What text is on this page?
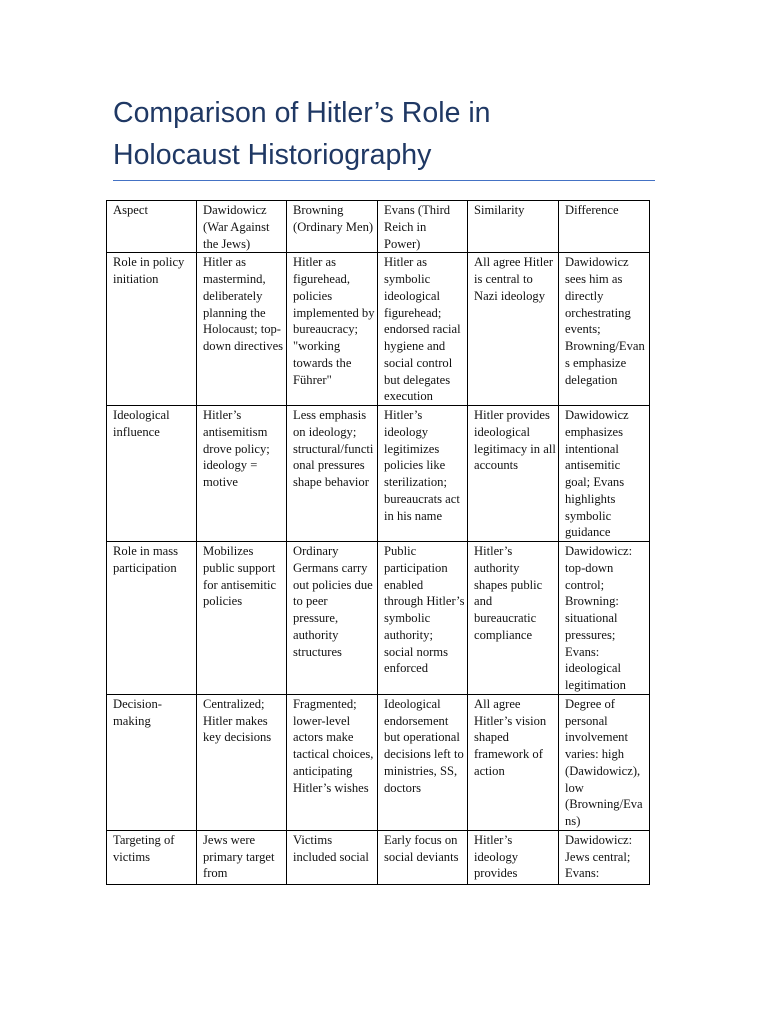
Comparison of Hitler’s Role in
Holocaust Historiography
Aspect	Dawidowicz (War Against the Jews)	Browning (Ordinary Men)	Evans (Third Reich in Power)	Similarity	Difference
Role in policy initiation	Hitler as mastermind, deliberately planning the Holocaust; top-down directives	Hitler as figurehead, policies implemented by bureaucracy; "working towards the Führer"	Hitler as symbolic ideological figurehead; endorsed racial hygiene and social control but delegates execution	All agree Hitler is central to Nazi ideology	Dawidowicz sees him as directly orchestrating events; Browning/Evans emphasize delegation
Ideological influence	Hitler’s antisemitism drove policy; ideology = motive	Less emphasis on ideology; structural/functional pressures shape behavior	Hitler’s ideology legitimizes policies like sterilization; bureaucrats act in his name	Hitler provides ideological legitimacy in all accounts	Dawidowicz emphasizes intentional antisemitic goal; Evans highlights symbolic guidance
Role in mass participation	Mobilizes public support for antisemitic policies	Ordinary Germans carry out policies due to peer pressure, authority structures	Public participation enabled through Hitler’s symbolic authority; social norms enforced	Hitler’s authority shapes public and bureaucratic compliance	Dawidowicz: top-down control; Browning: situational pressures; Evans: ideological legitimation
Decision-making	Centralized; Hitler makes key decisions	Fragmented; lower-level actors make tactical choices, anticipating Hitler’s wishes	Ideological endorsement but operational decisions left to ministries, SS, doctors	All agree Hitler’s vision shaped framework of action	Degree of personal involvement varies: high (Dawidowicz), low (Browning/Evans)
Targeting of victims	Jews were primary target from	Victims included social	Early focus on social deviants	Hitler’s ideology provides	Dawidowicz: Jews central; Evans:
